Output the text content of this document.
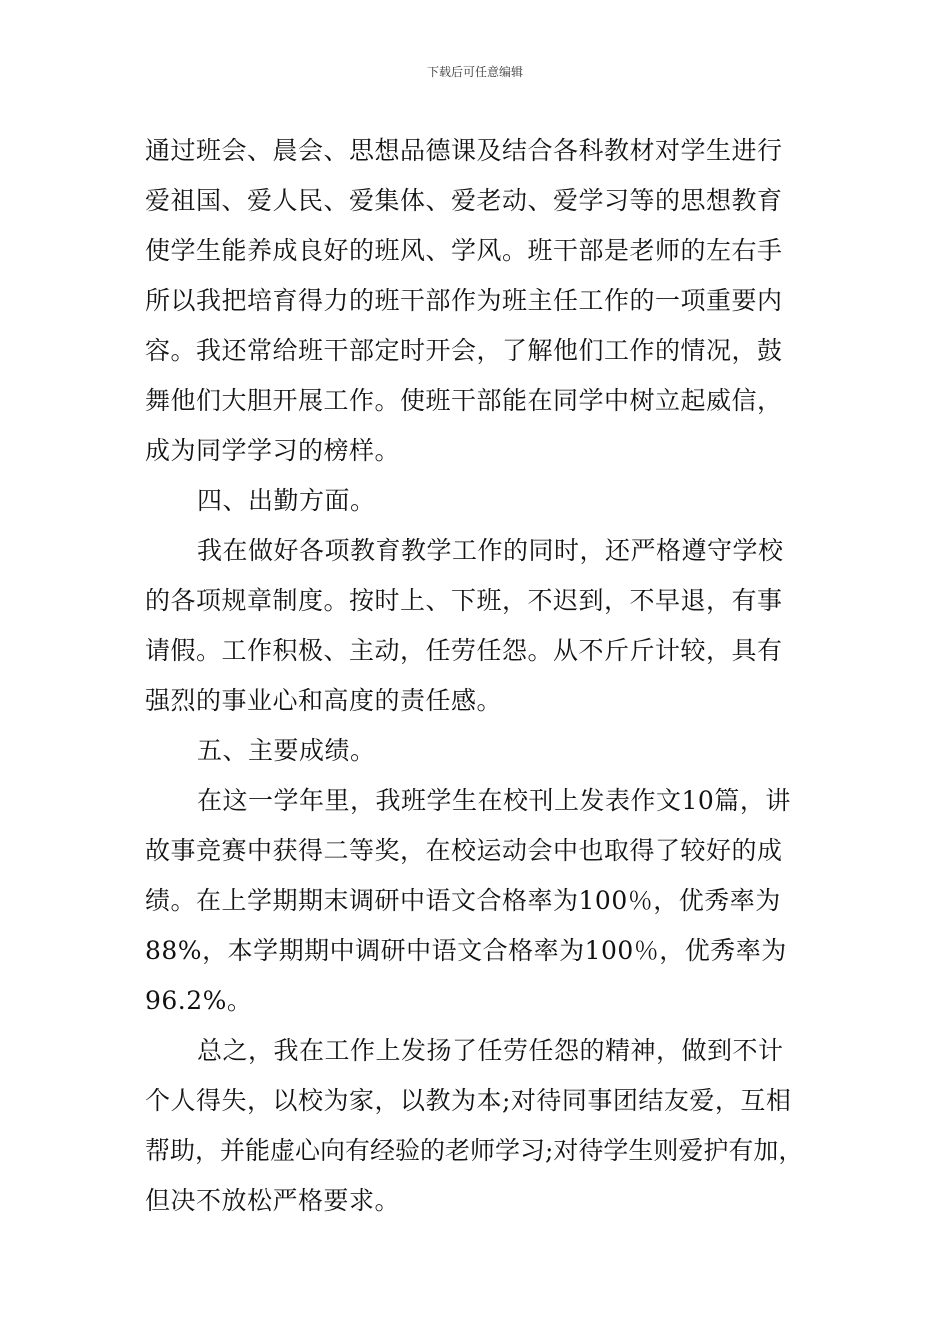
下载后可任意编辑
通过班会、晨会、思想品德课及结合各科教材对学生进行
爱祖国、爱人民、爱集体、爱老动、爱学习等的思想教育
使学生能养成良好的班风、学风。班干部是老师的左右手
所以我把培育得力的班干部作为班主任工作的一项重要内
容。我还常给班干部定时开会，了解他们工作的情况，鼓
舞他们大胆开展工作。使班干部能在同学中树立起威信，
成为同学学习的榜样。
四、出勤方面。
我在做好各项教育教学工作的同时，还严格遵守学校
的各项规章制度。按时上、下班，不迟到，不早退，有事
请假。工作积极、主动，任劳任怨。从不斤斤计较，具有
强烈的事业心和高度的责任感。
五、主要成绩。
在这一学年里，我班学生在校刊上发表作文10篇，讲
故事竞赛中获得二等奖，在校运动会中也取得了较好的成
绩。在上学期期末调研中语文合格率为100％，优秀率为
88%，本学期期中调研中语文合格率为100％，优秀率为
96.2%。
总之，我在工作上发扬了任劳任怨的精神，做到不计
个人得失，以校为家，以教为本;对待同事团结友爱，互相
帮助，并能虚心向有经验的老师学习;对待学生则爱护有加，
但决不放松严格要求。
